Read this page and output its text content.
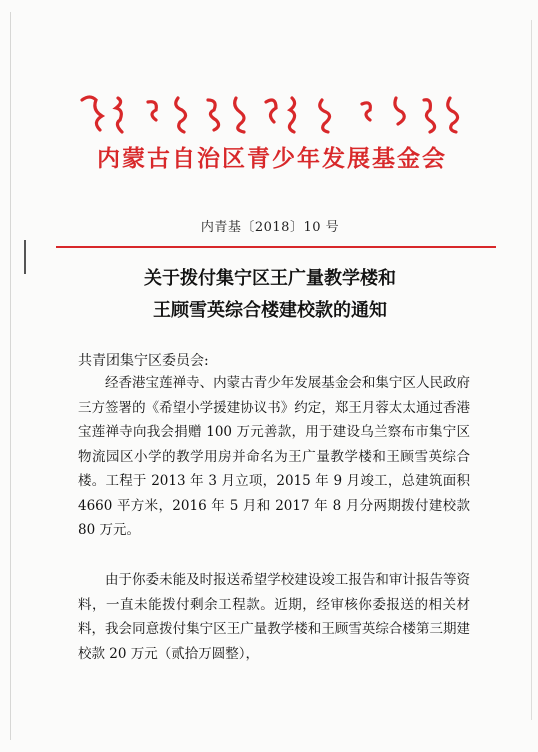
内蒙古自治区青少年发展基金会
内青基〔2018〕10 号
关于拨付集宁区王广量教学楼和
王顾雪英综合楼建校款的通知
共青团集宁区委员会:

经香港宝莲禅寺、内蒙古青少年发展基金会和集宁区人民政府三方签署的《希望小学援建协议书》约定，郑王月蓉太太通过香港宝莲禅寺向我会捐赠 100 万元善款，用于建设乌兰察布市集宁区物流园区小学的教学用房并命名为王广量教学楼和王顾雪英综合楼。工程于 2013 年 3 月立项，2015 年 9 月竣工，总建筑面积 4660 平方米，2016 年 5 月和 2017 年 8 月分两期拨付建校款 80 万元。

由于你委未能及时报送希望学校建设竣工报告和审计报告等资料，一直未能拨付剩余工程款。近期，经审核你委报送的相关材料，我会同意拨付集宁区王广量教学楼和王顾雪英综合楼第三期建校款 20 万元（贰拾万圆整），
